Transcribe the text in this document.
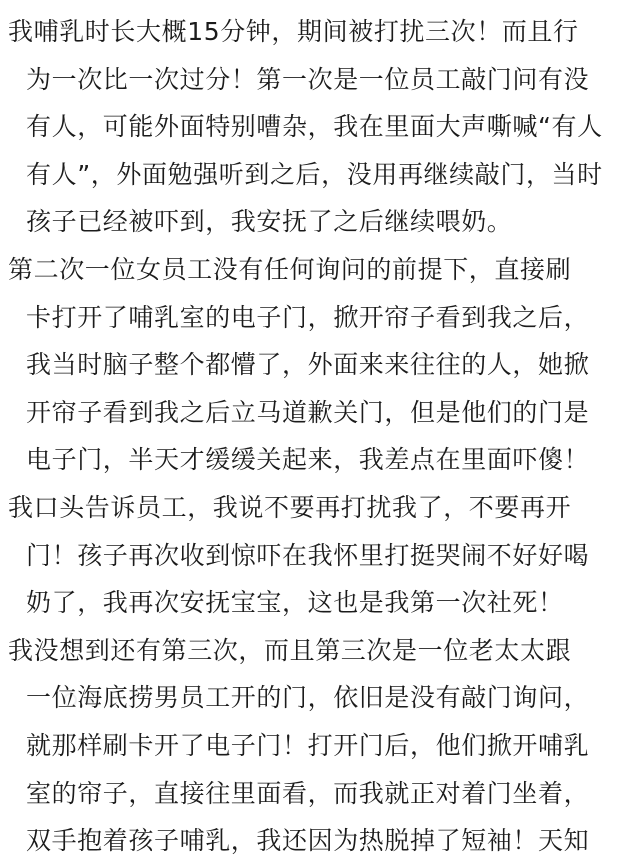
我哺乳时长大概15分钟，期间被打扰三次！而且行
为一次比一次过分！第一次是一位员工敲门问有没
有人，可能外面特别嘈杂，我在里面大声嘶喊“有人
有人”，外面勉强听到之后，没用再继续敲门，当时
孩子已经被吓到，我安抚了之后继续喂奶。
第二次一位女员工没有任何询问的前提下，直接刷
卡打开了哺乳室的电子门，掀开帘子看到我之后，
我当时脑子整个都懵了，外面来来往往的人，她掀
开帘子看到我之后立马道歉关门，但是他们的门是
电子门，半天才缓缓关起来，我差点在里面吓傻！
我口头告诉员工，我说不要再打扰我了，不要再开
门！孩子再次收到惊吓在我怀里打挺哭闹不好好喝
奶了，我再次安抚宝宝，这也是我第一次社死！
我没想到还有第三次，而且第三次是一位老太太跟
一位海底捞男员工开的门，依旧是没有敲门询问，
就那样刷卡开了电子门！打开门后，他们掀开哺乳
室的帘子，直接往里面看，而我就正对着门坐着，
双手抱着孩子哺乳，我还因为热脱掉了短袖！天知
